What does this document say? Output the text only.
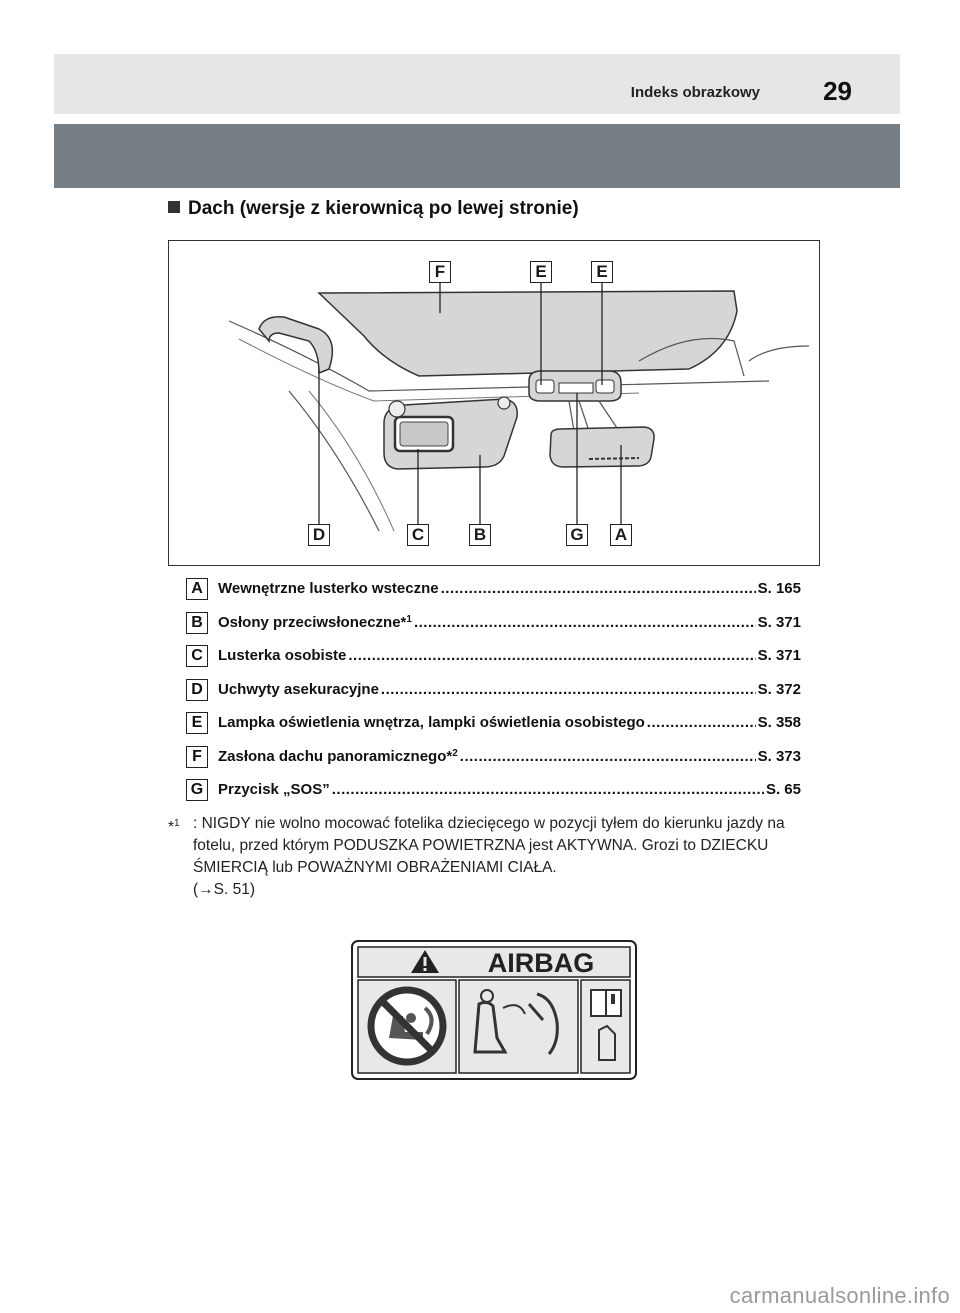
Indeks obrazkowy 29
Dach (wersje z kierownicą po lewej stronie)
F	E	E
D	C	B	G A
A	Wewnętrzne lusterko wsteczne .....	S. 165
B	Osłony przeciwsłoneczne* 1 .....	S. 371
C	Lusterka osobiste .....	S. 371
D	Uchwyty asekuracyjne .....	S. 372
E	Lampka oświetlenia wnętrza, lampki oświetlenia osobistego .....	S. 358
F	Zasłona dachu panoramicznego* 2 .....	S. 373
G Przycisk „SOS” .....	S. 65
*$^1$ : NIGDY nie wolno mocować fotelika dziecięcego w pozycji tyłem do kierunku jazdy na fotelu, przed którym PODUSZKA POWIETRZNA jest AKTYWNA. Grozi to DZIECKU ŚMIERCIĄ lub POWAŻNYMI OBRAŻENIAMI CIAŁA.
(→S. 51)
AIRBAG
carmanualsonline.info
